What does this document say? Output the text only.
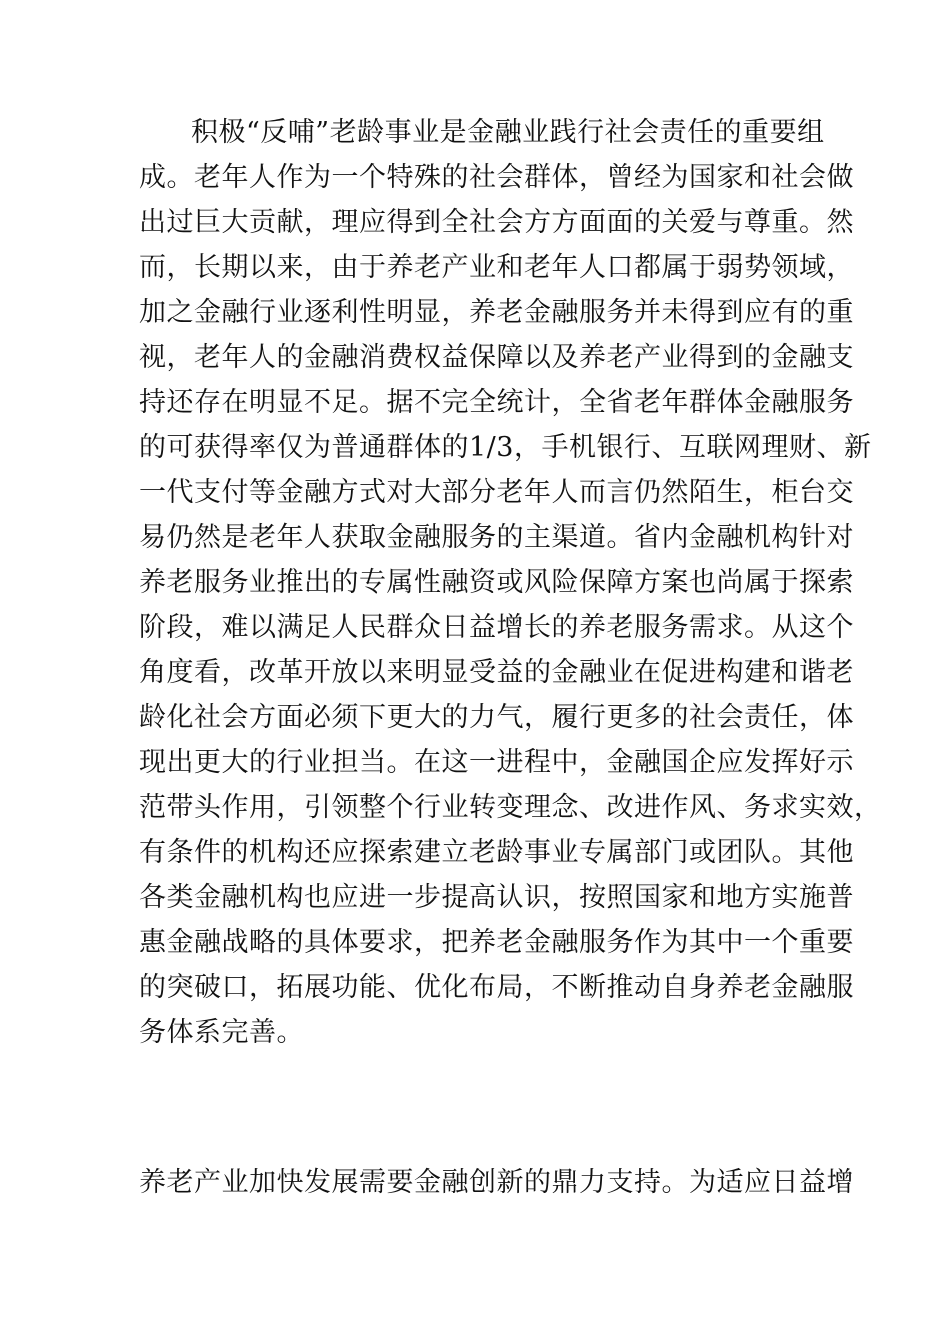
积极“反哺”老龄事业是金融业践行社会责任的重要组
成。老年人作为一个特殊的社会群体，曾经为国家和社会做
出过巨大贡献，理应得到全社会方方面面的关爱与尊重。然
而，长期以来，由于养老产业和老年人口都属于弱势领域，
加之金融行业逐利性明显，养老金融服务并未得到应有的重
视，老年人的金融消费权益保障以及养老产业得到的金融支
持还存在明显不足。据不完全统计，全省老年群体金融服务
的可获得率仅为普通群体的1/3，手机银行、互联网理财、新
一代支付等金融方式对大部分老年人而言仍然陌生，柜台交
易仍然是老年人获取金融服务的主渠道。省内金融机构针对
养老服务业推出的专属性融资或风险保障方案也尚属于探索
阶段，难以满足人民群众日益增长的养老服务需求。从这个
角度看，改革开放以来明显受益的金融业在促进构建和谐老
龄化社会方面必须下更大的力气，履行更多的社会责任，体
现出更大的行业担当。在这一进程中，金融国企应发挥好示
范带头作用，引领整个行业转变理念、改进作风、务求实效，
有条件的机构还应探索建立老龄事业专属部门或团队。其他
各类金融机构也应进一步提高认识，按照国家和地方实施普
惠金融战略的具体要求，把养老金融服务作为其中一个重要
的突破口，拓展功能、优化布局，不断推动自身养老金融服
务体系完善。
养老产业加快发展需要金融创新的鼎力支持。为适应日益增
